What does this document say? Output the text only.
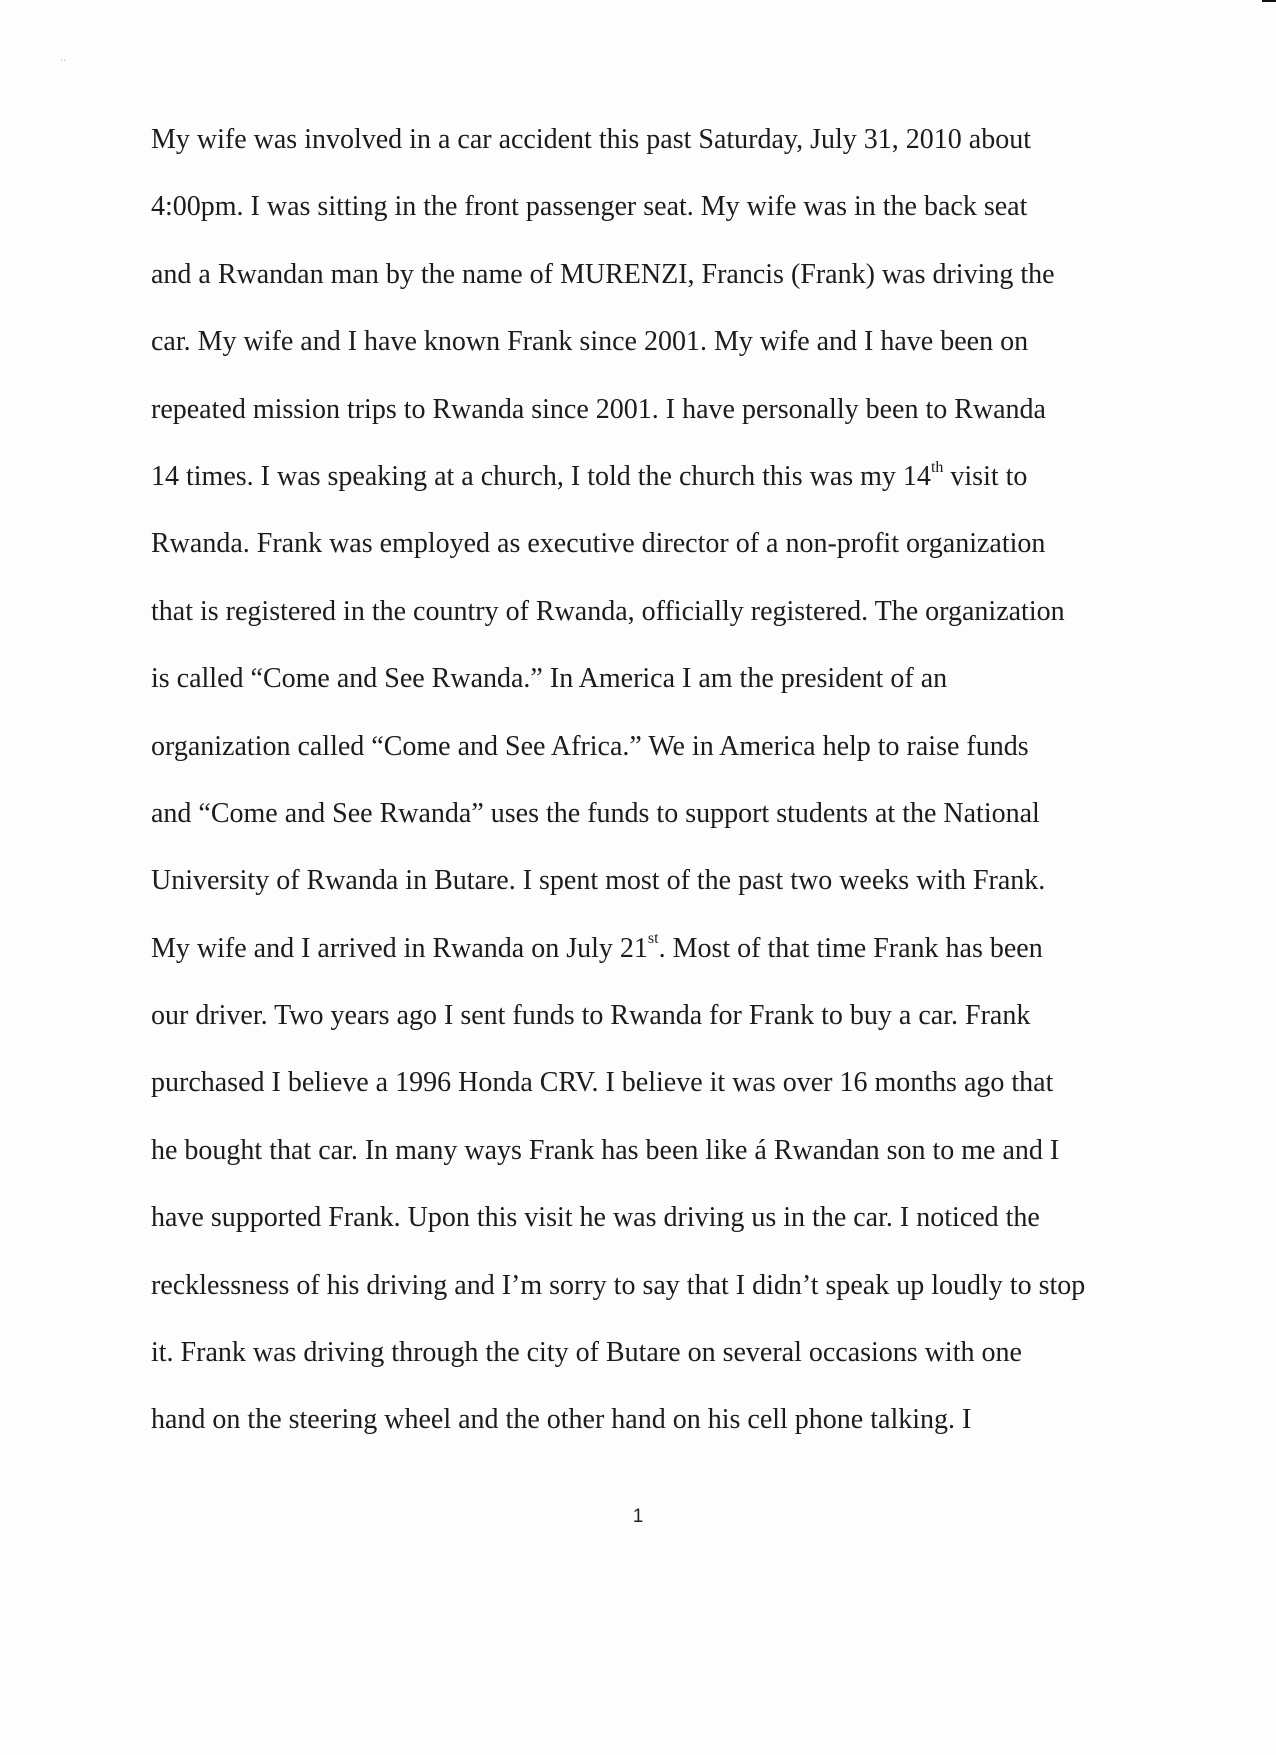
··
My wife was involved in a car accident this past Saturday, July 31, 2010 about
4:00pm. I was sitting in the front passenger seat. My wife was in the back seat
and a Rwandan man by the name of MURENZI, Francis (Frank) was driving the
car. My wife and I have known Frank since 2001. My wife and I have been on
repeated mission trips to Rwanda since 2001. I have personally been to Rwanda
14 times. I was speaking at a church, I told the church this was my 14th visit to
Rwanda. Frank was employed as executive director of a non-profit organization
that is registered in the country of Rwanda, officially registered. The organization
is called “Come and See Rwanda.” In America I am the president of an
organization called “Come and See Africa.” We in America help to raise funds
and “Come and See Rwanda” uses the funds to support students at the National
University of Rwanda in Butare. I spent most of the past two weeks with Frank.
My wife and I arrived in Rwanda on July 21st. Most of that time Frank has been
our driver. Two years ago I sent funds to Rwanda for Frank to buy a car. Frank
purchased I believe a 1996 Honda CRV. I believe it was over 16 months ago that
he bought that car. In many ways Frank has been like á Rwandan son to me and I
have supported Frank. Upon this visit he was driving us in the car. I noticed the
recklessness of his driving and I’m sorry to say that I didn’t speak up loudly to stop
it. Frank was driving through the city of Butare on several occasions with one
hand on the steering wheel and the other hand on his cell phone talking. I
1
